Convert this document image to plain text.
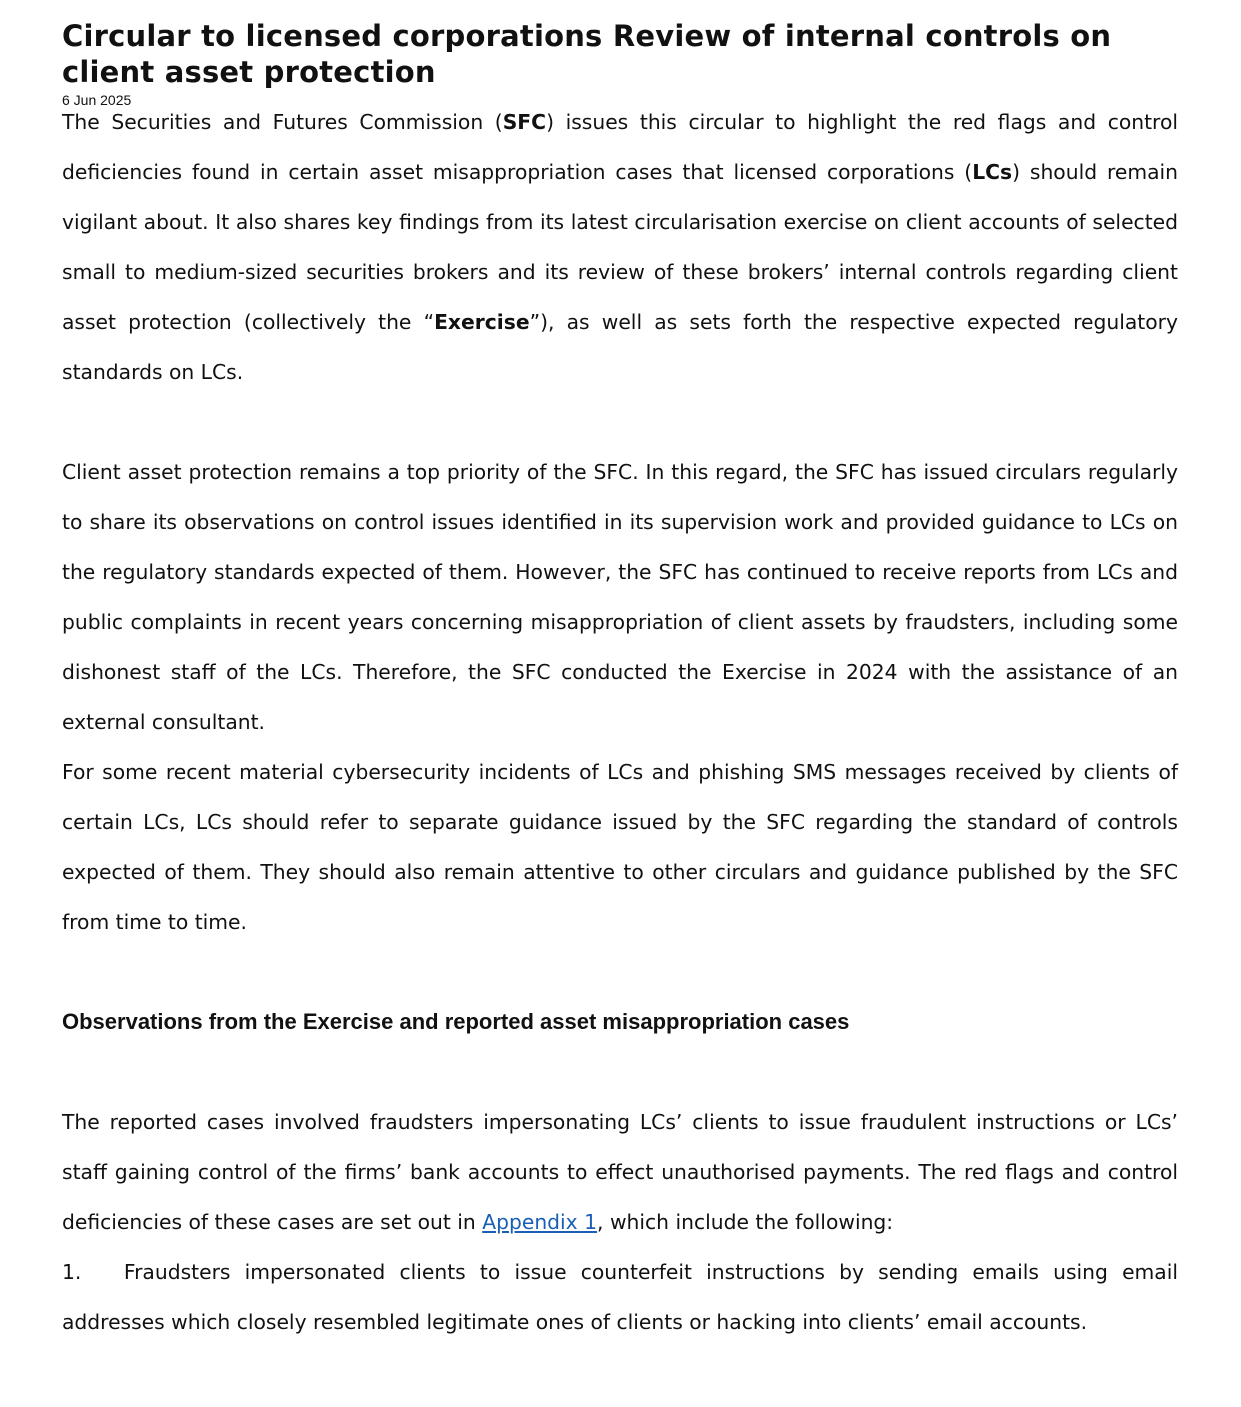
Circular to licensed corporations Review of internal controls on client asset protection
6 Jun 2025

The Securities and Futures Commission (SFC) issues this circular to highlight the red flags and control deficiencies found in certain asset misappropriation cases that licensed corporations (LCs) should remain vigilant about. It also shares key findings from its latest circularisation exercise on client accounts of selected small to medium-sized securities brokers and its review of these brokers’ internal controls regarding client asset protection (collectively the “Exercise”), as well as sets forth the respective expected regulatory standards on LCs.

Client asset protection remains a top priority of the SFC. In this regard, the SFC has issued circulars regularly to share its observations on control issues identified in its supervision work and provided guidance to LCs on the regulatory standards expected of them. However, the SFC has continued to receive reports from LCs and public complaints in recent years concerning misappropriation of client assets by fraudsters, including some dishonest staff of the LCs. Therefore, the SFC conducted the Exercise in 2024 with the assistance of an external consultant.

For some recent material cybersecurity incidents of LCs and phishing SMS messages received by clients of certain LCs, LCs should refer to separate guidance issued by the SFC regarding the standard of controls expected of them. They should also remain attentive to other circulars and guidance published by the SFC from time to time.

Observations from the Exercise and reported asset misappropriation cases

The reported cases involved fraudsters impersonating LCs’ clients to issue fraudulent instructions or LCs’ staff gaining control of the firms’ bank accounts to effect unauthorised payments. The red flags and control deficiencies of these cases are set out in Appendix 1, which include the following:

1. Fraudsters impersonated clients to issue counterfeit instructions by sending emails using email addresses which closely resembled legitimate ones of clients or hacking into clients’ email accounts.
